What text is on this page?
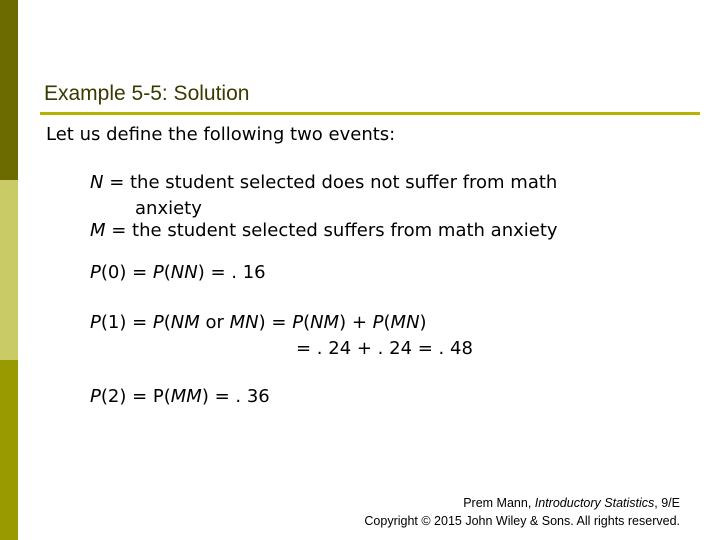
Example 5-5: Solution
Let us define the following two events:
N = the student selected does not suffer from math
anxiety
M = the student selected suffers from math anxiety
P(0) = P(NN) = . 16
P(1) = P(NM or MN) = P(NM) + P(MN)
= . 24 + . 24 = . 48
P(2) = P(MM) = . 36
Prem Mann, Introductory Statistics, 9/E
Copyright © 2015 John Wiley & Sons. All rights reserved.
